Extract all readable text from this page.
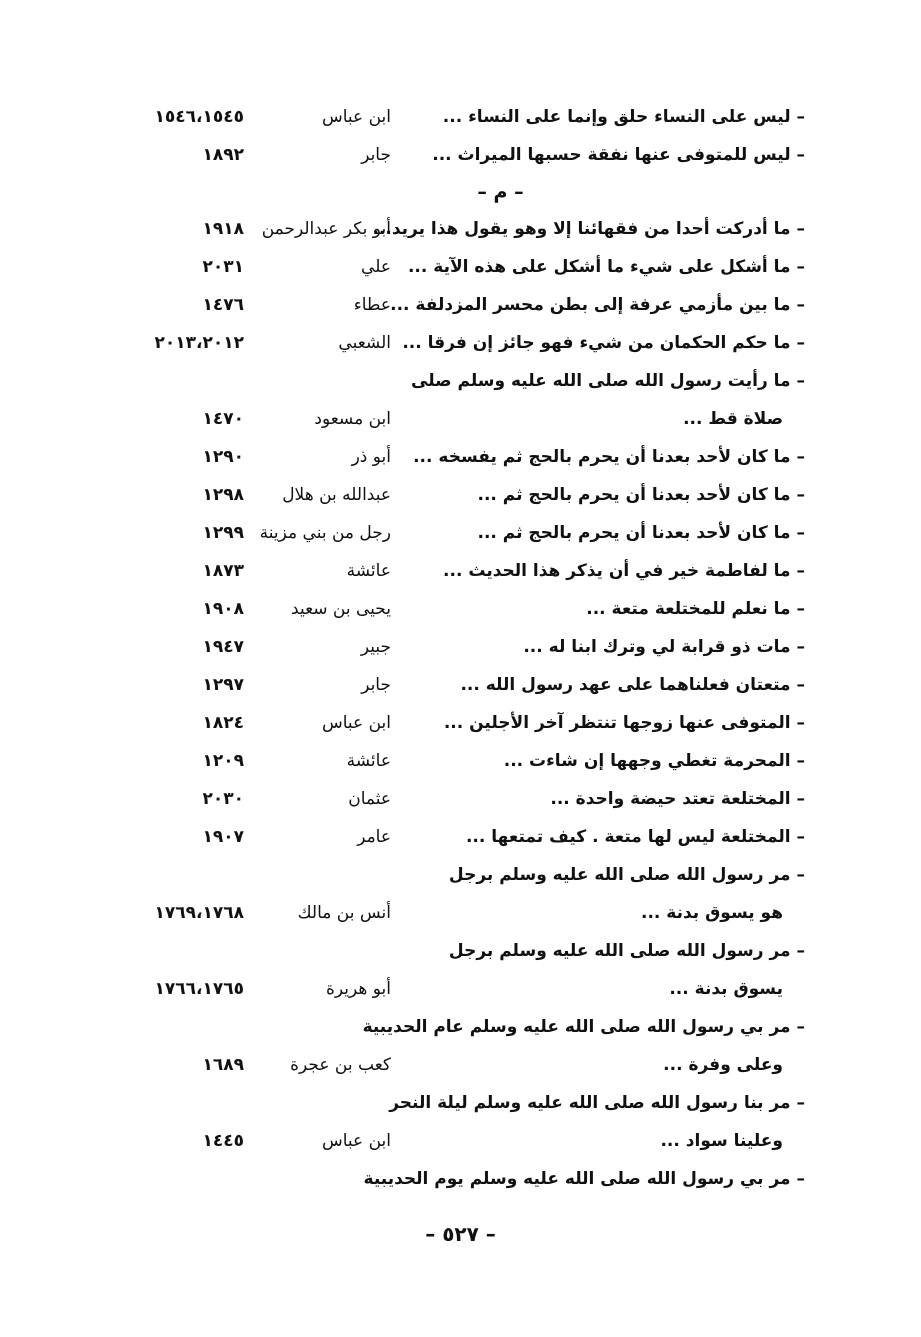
– ليس على النساء حلق وإنما على النساء ...
ابن عباس
١٥٤٦،١٥٤٥
– ليس للمتوفى عنها نفقة حسبها الميراث ...
جابر
١٨٩٢
– م –
– ما أدركت أحدا من فقهائنا إلا وهو يقول هذا يريد...
أبو بكر عبدالرحمن
١٩١٨
– ما أشكل على شيء ما أشكل على هذه الآية ...
علي
٢٠٣١
– ما بين مأزمي عرفة إلى بطن محسر المزدلفة ...
عطاء
١٤٧٦
– ما حكم الحكمان من شيء فهو جائز إن فرقا ...
الشعبي
٢٠١٣،٢٠١٢
– ما رأيت رسول الله صلى الله عليه وسلم صلى
صلاة قط ...
ابن مسعود
١٤٧٠
– ما كان لأحد بعدنا أن يحرم بالحج ثم يفسخه ...
أبو ذر
١٢٩٠
– ما كان لأحد بعدنا أن يحرم بالحج ثم ...
عبدالله بن هلال
١٢٩٨
– ما كان لأحد بعدنا أن يحرم بالحج ثم ...
رجل من بني مزينة
١٢٩٩
– ما لفاطمة خير في أن يذكر هذا الحديث ...
عائشة
١٨٧٣
– ما نعلم للمختلعة متعة ...
يحيى بن سعيد
١٩٠٨
– مات ذو قرابة لي وترك ابنا له ...
جبير
١٩٤٧
– متعتان فعلناهما على عهد رسول الله ...
جابر
١٢٩٧
– المتوفى عنها زوجها تنتظر آخر الأجلين ...
ابن عباس
١٨٢٤
– المحرمة تغطي وجهها إن شاءت ...
عائشة
١٢٠٩
– المختلعة تعتد حيضة واحدة ...
عثمان
٢٠٣٠
– المختلعة ليس لها متعة . كيف تمتعها ...
عامر
١٩٠٧
– مر رسول الله صلى الله عليه وسلم برجل
هو يسوق بدنة ...
أنس بن مالك
١٧٦٩،١٧٦٨
– مر رسول الله صلى الله عليه وسلم برجل
يسوق بدنة ...
أبو هريرة
١٧٦٦،١٧٦٥
– مر بي رسول الله صلى الله عليه وسلم عام الحديبية
وعلى وفرة ...
كعب بن عجرة
١٦٨٩
– مر بنا رسول الله صلى الله عليه وسلم ليلة النحر
وعلينا سواد ...
ابن عباس
١٤٤٥
– مر بي رسول الله صلى الله عليه وسلم يوم الحديبية
– ٥٢٧ –
